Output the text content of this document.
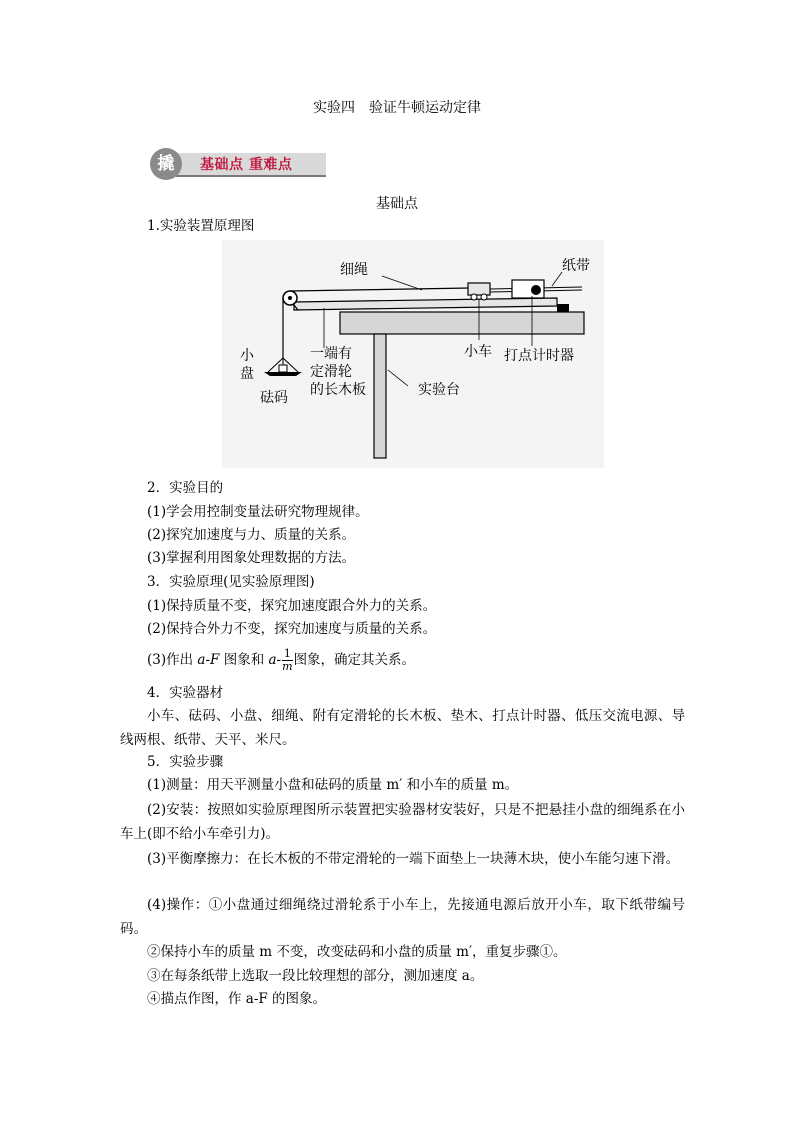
实验四　验证牛顿运动定律
撬	基础点 重难点
基础点
1.实验装置原理图
细绳	纸带
小
盘
砝码
一端有
定滑轮
的长木板
小车 打点计时器
实验台
2．实验目的
(1)学会用控制变量法研究物理规律。
(2)探究加速度与力、质量的关系。
(3)掌握利用图象处理数据的方法。
3．实验原理(见实验原理图)
(1)保持质量不变，探究加速度跟合外力的关系。
(2)保持合外力不变，探究加速度与质量的关系。
(3)作出 a-F 图象和 $a- \frac{1}{m}$ 图象，确定其关系。
4．实验器材
小车、砝码、小盘、细绳、附有定滑轮的长木板、垫木、打点计时器、低压交流电源、导线两根、纸带、天平、米尺。
5．实验步骤
(1)测量：用天平测量小盘和砝码的质量 m′ 和小车的质量 m。
(2)安装：按照如实验原理图所示装置把实验器材安装好，只是不把悬挂小盘的细绳系在小车上(即不给小车牵引力)。
(3)平衡摩擦力：在长木板的不带定滑轮的一端下面垫上一块薄木块，使小车能匀速下滑。
(4)操作：①小盘通过细绳绕过滑轮系于小车上，先接通电源后放开小车，取下纸带编号码。
②保持小车的质量 m 不变，改变砝码和小盘的质量 m′，重复步骤①。
③在每条纸带上选取一段比较理想的部分，测加速度 a。
④描点作图，作 a-F 的图象。
